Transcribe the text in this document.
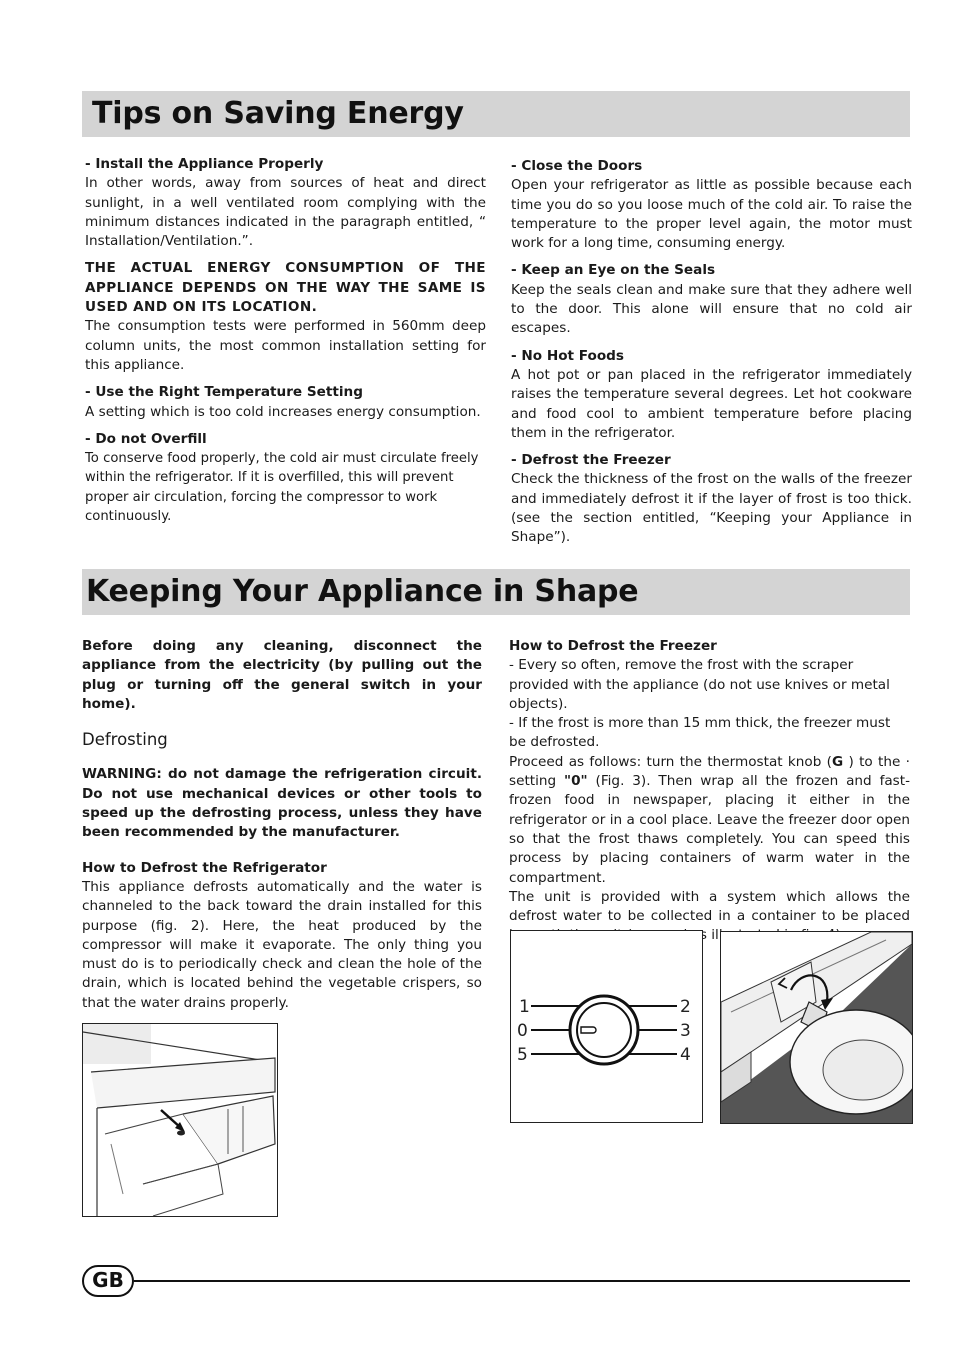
Tips on Saving Energy

- Install the Appliance Properly

In other words, away from sources of heat and direct sunlight, in a well ventilated room complying with the minimum distances indicated in the paragraph entitled, “ Installation/Ventilation.”.

THE ACTUAL ENERGY CONSUMPTION OF THE APPLIANCE DEPENDS ON THE WAY THE SAME IS USED AND ON ITS LOCATION.

The consumption tests were performed in 560mm deep column units, the most common installation setting for this appliance.

- Use the Right Temperature Setting

A setting which is too cold increases energy consumption.

- Do not Overfill

To conserve food properly, the cold air must circulate freely within the refrigerator. If it is overfilled, this will prevent proper air circulation, forcing the compressor to work continuously.

- Close the Doors

Open your refrigerator as little as possible because each time you do so you loose much of the cold air. To raise the temperature to the proper level again, the motor must work for a long time, consuming energy.

- Keep an Eye on the Seals

Keep the seals clean and make sure that they adhere well to the door. This alone will ensure that no cold air escapes.

- No Hot Foods

A hot pot or pan placed in the refrigerator immediately raises the temperature several degrees. Let hot cookware and food cool to ambient temperature before placing them in the refrigerator.

- Defrost the Freezer

Check the thickness of the frost on the walls of the freezer and immediately defrost it if the layer of frost is too thick. (see the section entitled, “Keeping your Appliance in Shape”).

Keeping Your Appliance in Shape

Before doing any cleaning, disconnect the appliance from the electricity (by pulling out the plug or turning off the general switch in your home).

Defrosting

WARNING: do not damage the refrigeration circuit. Do not use mechanical devices or other tools to speed up the defrosting process, unless they have been recommended by the manufacturer.

How to Defrost the Refrigerator

This appliance defrosts automatically and the water is channeled to the back toward the drain installed for this purpose (fig. 2). Here, the heat produced by the compressor will make it evaporate. The only thing you must do is to periodically check and clean the hole of the drain, which is located behind the vegetable crispers, so that the water drains properly.

How to Defrost the Freezer

- Every so often, remove the frost with the scraper provided with the appliance (do not use knives or metal objects).

- If the frost is more than 15 mm thick, the freezer must be defrosted.

Proceed as follows: turn the thermostat knob (G ) to the · setting "0" (Fig. 3). Then wrap all the frozen and fast-frozen food in newspaper, placing it either in the refrigerator or in a cool place. Leave the freezer door open so that the frost thaws completely. You can speed this process by placing containers of warm water in the compartment.

The unit is provided with a system which allows the defrost water to be collected in a container to be placed

1
0
5
2
3
4
GB
